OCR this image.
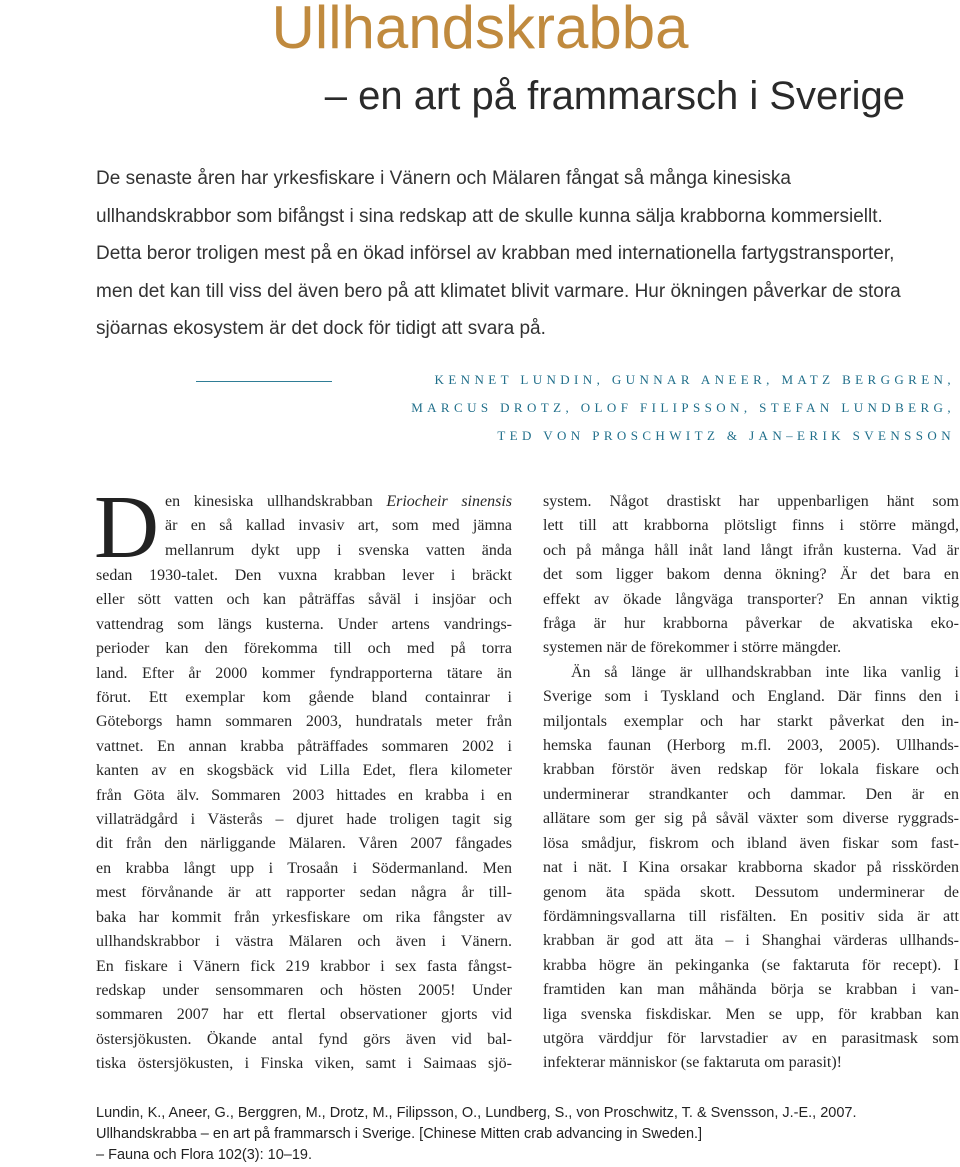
Ullhandskrabba
– en art på frammarsch i Sverige
De senaste åren har yrkesfiskare i Vänern och Mälaren fångat så många kinesiska
ullhandskrabbor som bifångst i sina redskap att de skulle kunna sälja krabborna kommersiellt.
Detta beror troligen mest på en ökad införsel av krabban med internationella fartygstransporter,
men det kan till viss del även bero på att klimatet blivit varmare. Hur ökningen påverkar de stora
sjöarnas ekosystem är det dock för tidigt att svara på.
KENNET LUNDIN, GUNNAR ANEER, MATZ BERGGREN,
MARCUS DROTZ, OLOF FILIPSSON, STEFAN LUNDBERG,
TED VON PROSCHWITZ & JAN–ERIK SVENSSON
D en kinesiska ullhandskrabban Eriocheir sinensis
är en så kallad invasiv art, som med jämna
mellanrum dykt upp i svenska vatten ända
sedan 1930-talet. Den vuxna krabban lever i bräckt
eller sött vatten och kan påträffas såväl i insjöar och
vattendrag som längs kusterna. Under artens vandrings-
perioder kan den förekomma till och med på torra
land. Efter år 2000 kommer fyndrapporterna tätare än
förut. Ett exemplar kom gående bland containrar i
Göteborgs hamn sommaren 2003, hundratals meter från
vattnet. En annan krabba påträffades sommaren 2002 i
kanten av en skogsbäck vid Lilla Edet, flera kilometer
från Göta älv. Sommaren 2003 hittades en krabba i en
villaträdgård i Västerås – djuret hade troligen tagit sig
dit från den närliggande Mälaren. Våren 2007 fångades
en krabba långt upp i Trosaån i Södermanland. Men
mest förvånande är att rapporter sedan några år till-
baka har kommit från yrkesfiskare om rika fångster av
ullhandskrabbor i västra Mälaren och även i Vänern.
En fiskare i Vänern fick 219 krabbor i sex fasta fångst-
redskap under sensommaren och hösten 2005! Under
sommaren 2007 har ett flertal observationer gjorts vid
östersjökusten. Ökande antal fynd görs även vid bal-
tiska östersjökusten, i Finska viken, samt i Saimaas sjö-
system. Något drastiskt har uppenbarligen hänt som
lett till att krabborna plötsligt finns i större mängd,
och på många håll inåt land långt ifrån kusterna. Vad är
det som ligger bakom denna ökning? Är det bara en
effekt av ökade långväga transporter? En annan viktig
fråga är hur krabborna påverkar de akvatiska eko-
systemen när de förekommer i större mängder.
Än så länge är ullhandskrabban inte lika vanlig i
Sverige som i Tyskland och England. Där finns den i
miljontals exemplar och har starkt påverkat den in-
hemska faunan (Herborg m.fl. 2003, 2005). Ullhands-
krabban förstör även redskap för lokala fiskare och
underminerar strandkanter och dammar. Den är en
allätare som ger sig på såväl växter som diverse ryggrads-
lösa smådjur, fiskrom och ibland även fiskar som fast-
nat i nät. I Kina orsakar krabborna skador på risskörden
genom äta späda skott. Dessutom underminerar de
fördämningsvallarna till risfälten. En positiv sida är att
krabban är god att äta – i Shanghai värderas ullhands-
krabba högre än pekinganka (se faktaruta för recept). I
framtiden kan man måhända börja se krabban i van-
liga svenska fiskdiskar. Men se upp, för krabban kan
utgöra värddjur för larvstadier av en parasitmask som
infekterar människor (se faktaruta om parasit)!
Lundin, K., Aneer, G., Berggren, M., Drotz, M., Filipsson, O., Lundberg, S., von Proschwitz, T. & Svensson, J.-E., 2007.
Ullhandskrabba – en art på frammarsch i Sverige. [Chinese Mitten crab advancing in Sweden.]
– Fauna och Flora 102(3): 10–19.
